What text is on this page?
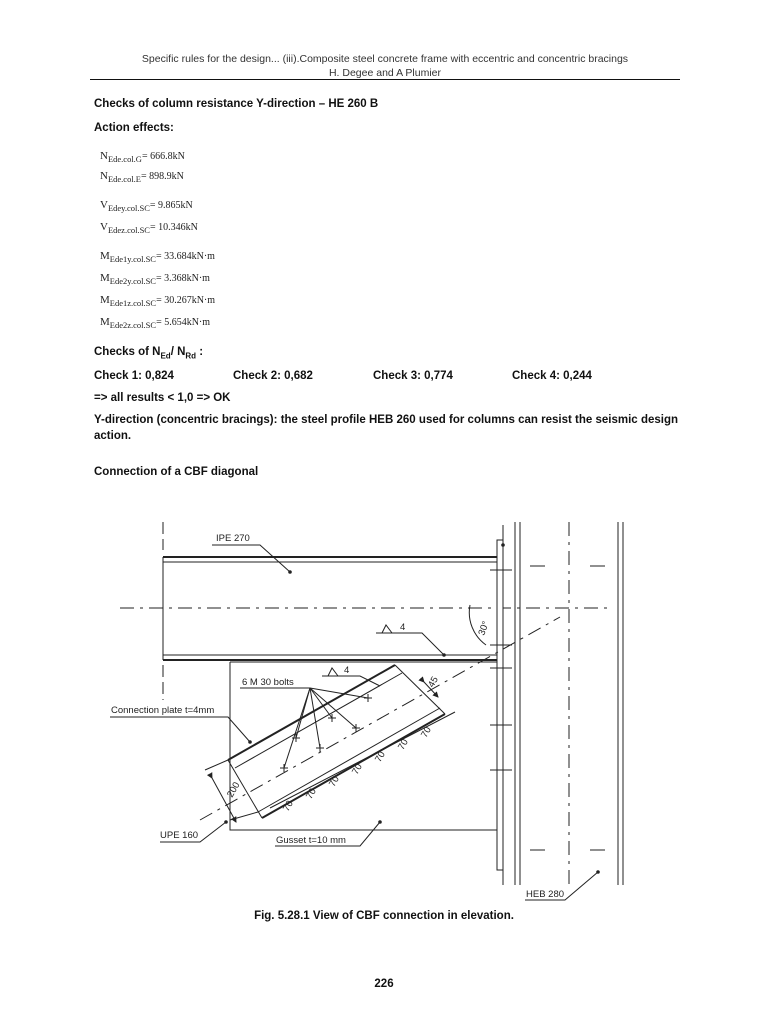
Specific rules for the design... (iii).Composite steel concrete frame with eccentric and concentric bracings
H. Degee and A Plumier
Checks of column resistance Y-direction – HE 260 B
Action effects:
$N_{Ede.col.G}= 666.8kN$
$N_{Ede.col.E}= 898.9kN$
$V_{Edey.col.SC}= 9.865kN$
$V_{Edez.col.SC}= 10.346kN$
$M_{Ede1y.col.SC}= 33.684kN\cdot m$
$M_{Ede2y.col.SC}= 3.368kN\cdot m$
$M_{Ede1z.col.SC}= 30.267kN\cdot m$
$M_{Ede2z.col.SC}= 5.654kN\cdot m$
Checks of $N_{Ed}/$ $N_{Rd}$ :
Check 1: 0,824	Check 2: 0,682	Check 3: 0,774	Check 4: 0,244
=> all results < 1,0 => OK
Y-direction (concentric bracings): the steel profile HEB 260 used for columns can resist the seismic design action.
Connection of a CBF diagonal
IPE 270
4
4
6 M 30 bolts
Connection plate t=4mm
UPE 160	Gusset t=10 mm
HEB 280
30°
200
45
70
70
70
70
70
70
70
Fig. 5.28.1 View of CBF connection in elevation.
226
